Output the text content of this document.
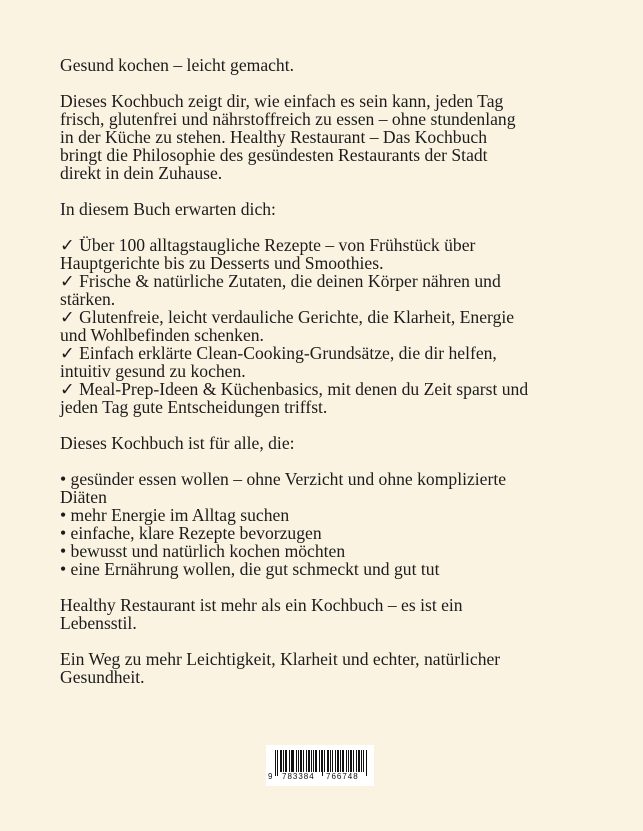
Gesund kochen – leicht gemacht.

Dieses Kochbuch zeigt dir, wie einfach es sein kann, jeden Tag
frisch, glutenfrei und nährstoffreich zu essen – ohne stundenlang
in der Küche zu stehen. Healthy Restaurant – Das Kochbuch
bringt die Philosophie des gesündesten Restaurants der Stadt
direkt in dein Zuhause.

In diesem Buch erwarten dich:

✓ Über 100 alltagstaugliche Rezepte – von Frühstück über
Hauptgerichte bis zu Desserts und Smoothies.
✓ Frische & natürliche Zutaten, die deinen Körper nähren und
stärken.
✓ Glutenfreie, leicht verdauliche Gerichte, die Klarheit, Energie
und Wohlbefinden schenken.
✓ Einfach erklärte Clean-Cooking-Grundsätze, die dir helfen,
intuitiv gesund zu kochen.
✓ Meal-Prep-Ideen & Küchenbasics, mit denen du Zeit sparst und
jeden Tag gute Entscheidungen triffst.

Dieses Kochbuch ist für alle, die:

• gesünder essen wollen – ohne Verzicht und ohne komplizierte
Diäten
• mehr Energie im Alltag suchen
• einfache, klare Rezepte bevorzugen
• bewusst und natürlich kochen möchten
• eine Ernährung wollen, die gut schmeckt und gut tut

Healthy Restaurant ist mehr als ein Kochbuch – es ist ein
Lebensstil.

Ein Weg zu mehr Leichtigkeit, Klarheit und echter, natürlicher
Gesundheit.

9 783384 766748
